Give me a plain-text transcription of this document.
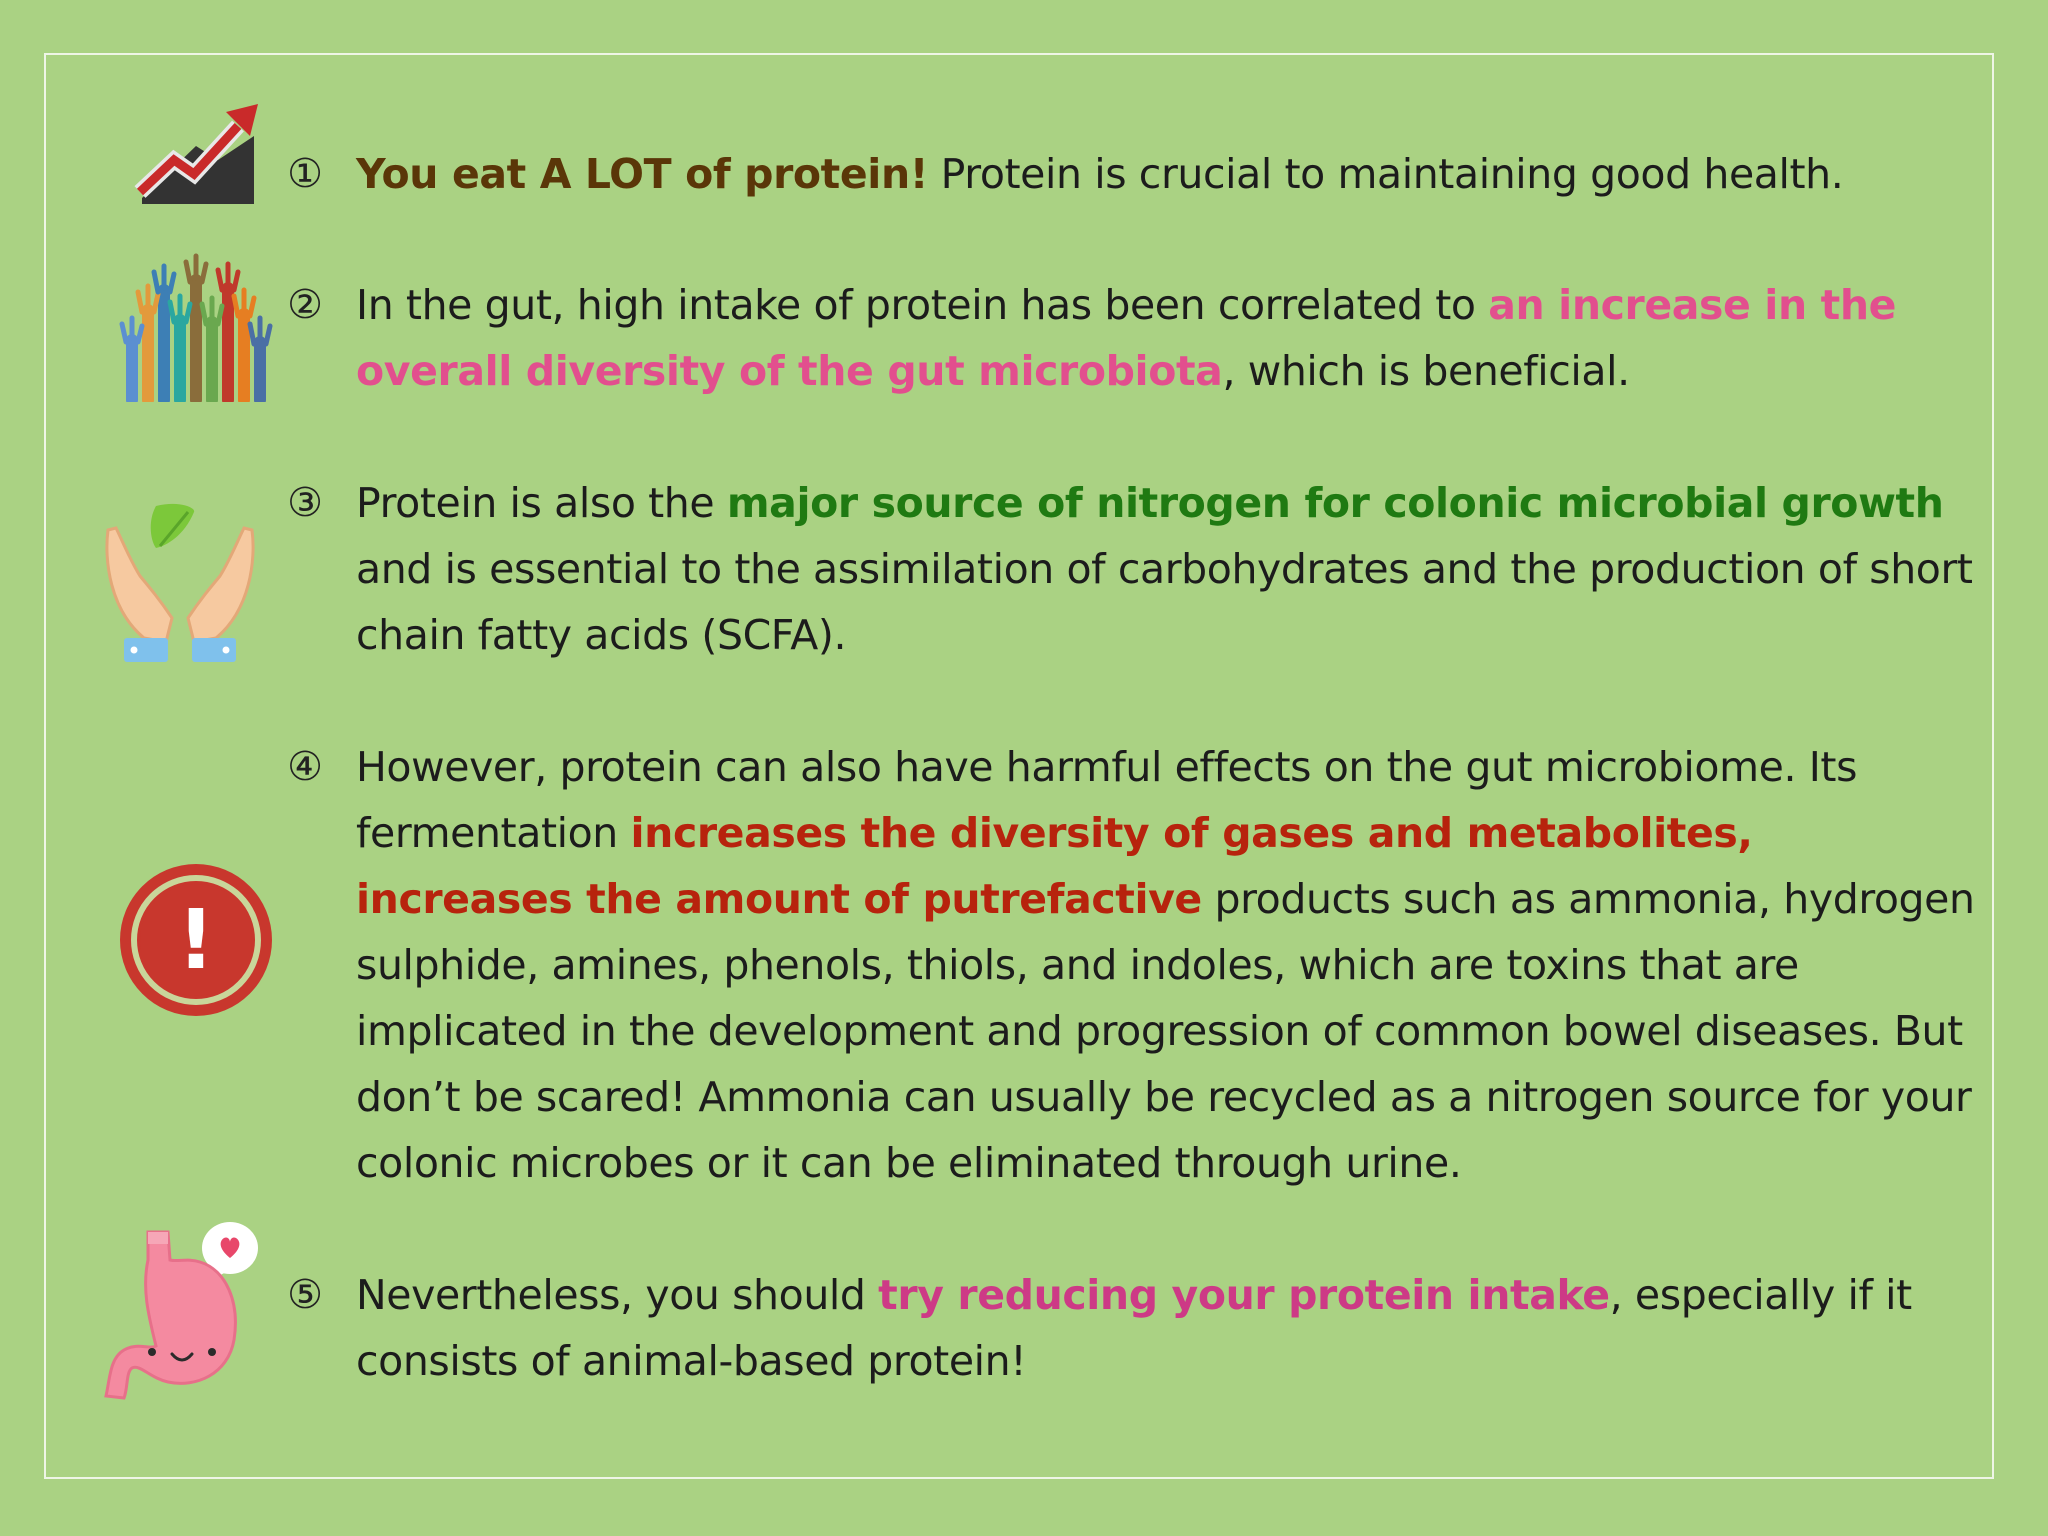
① You eat A LOT of protein! Protein is crucial to maintaining good health.
② In the gut, high intake of protein has been correlated to an increase in the overall diversity of the gut microbiota, which is beneficial.
③ Protein is also the major source of nitrogen for colonic microbial growth and is essential to the assimilation of carbohydrates and the production of short chain fatty acids (SCFA).
!
④ However, protein can also have harmful effects on the gut microbiome. Its fermentation increases the diversity of gases and metabolites, increases the amount of putrefactive products such as ammonia, hydrogen sulphide, amines, phenols, thiols, and indoles, which are toxins that are implicated in the development and progression of common bowel diseases. But don’t be scared! Ammonia can usually be recycled as a nitrogen source for your colonic microbes or it can be eliminated through urine.
⑤ Nevertheless, you should try reducing your protein intake, especially if it consists of animal-based protein!
